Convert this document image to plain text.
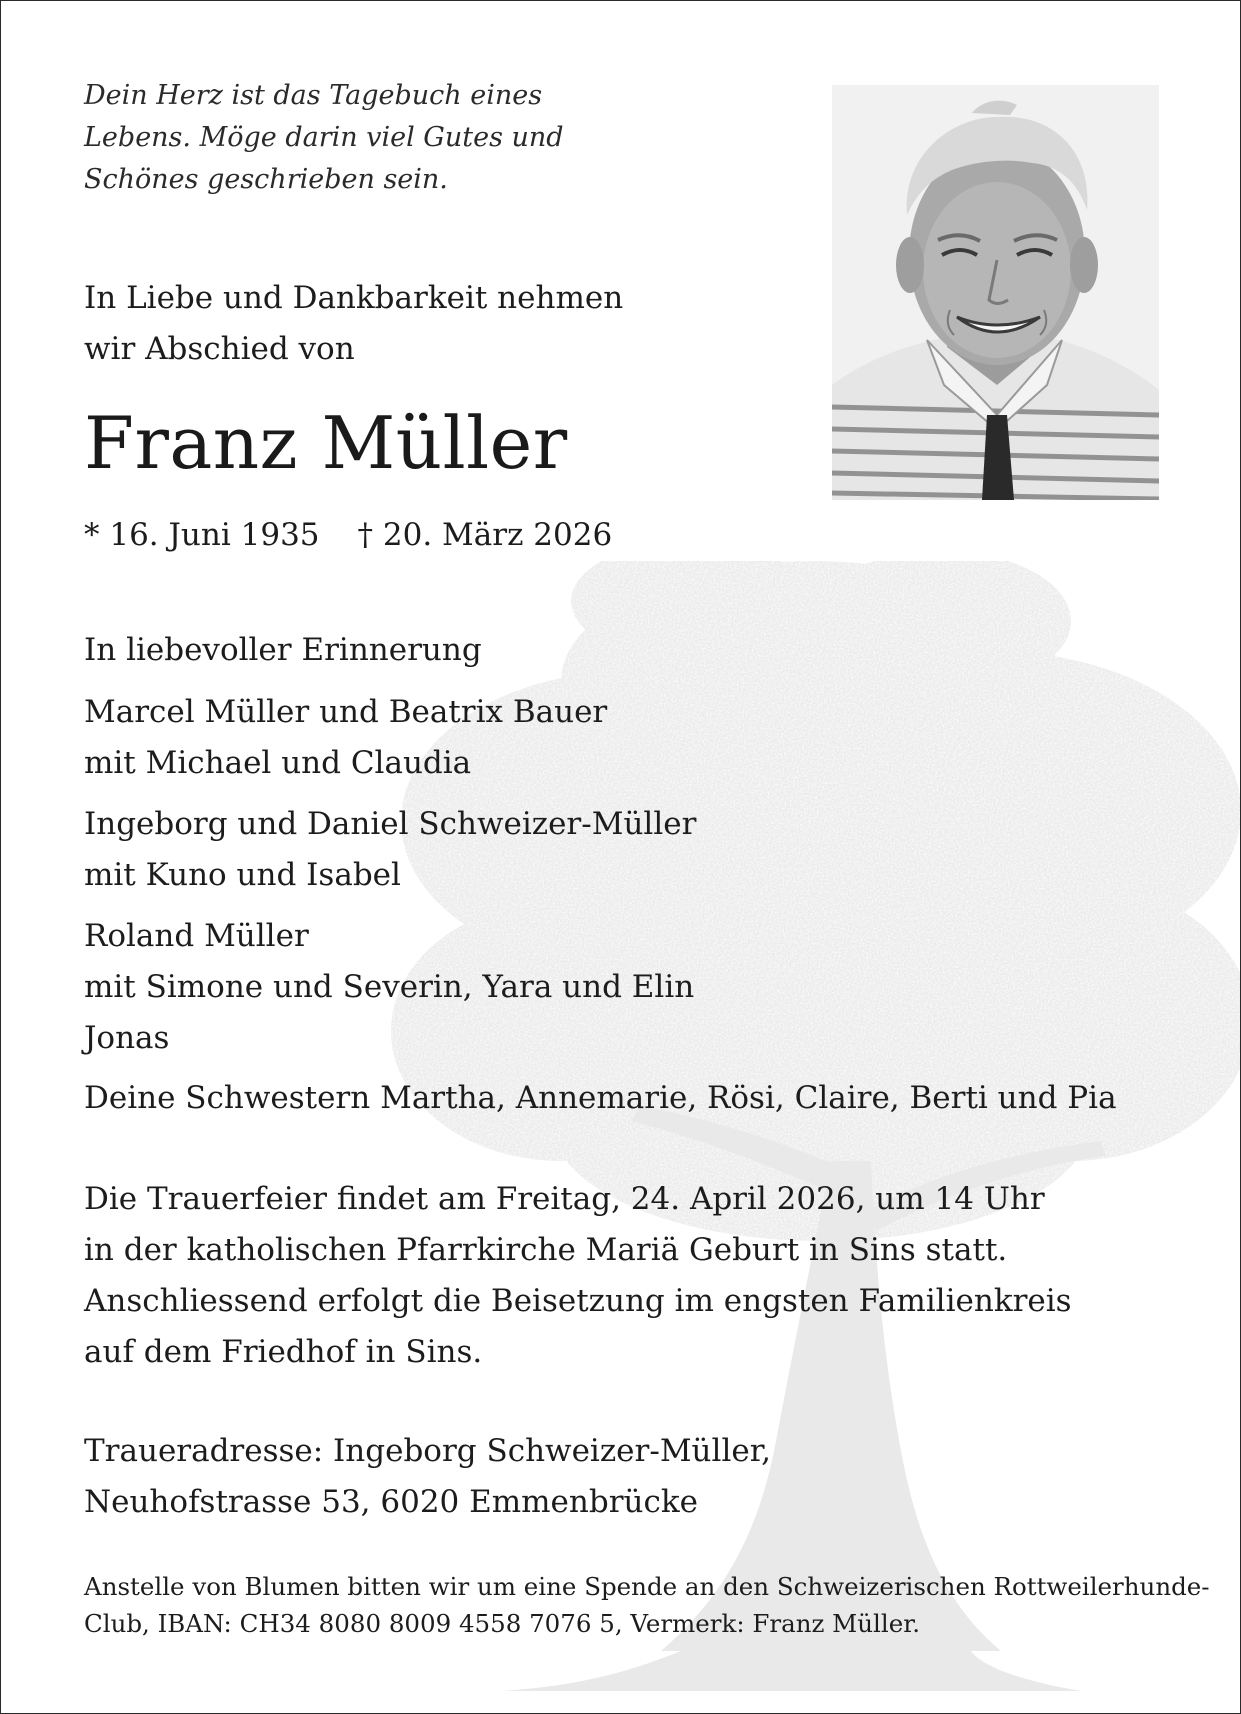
Dein Herz ist das Tagebuch eines
Lebens. Möge darin viel Gutes und
Schönes geschrieben sein.
In Liebe und Dankbarkeit nehmen
wir Abschied von
Franz Müller
* 16. Juni 1935 † 20. März 2026
In liebevoller Erinnerung
Marcel Müller und Beatrix Bauer
mit Michael und Claudia
Ingeborg und Daniel Schweizer-Müller
mit Kuno und Isabel
Roland Müller
mit Simone und Severin, Yara und Elin
Jonas
Deine Schwestern Martha, Annemarie, Rösi, Claire, Berti und Pia
Die Trauerfeier findet am Freitag, 24. April 2026, um 14 Uhr
in der katholischen Pfarrkirche Mariä Geburt in Sins statt.
Anschliessend erfolgt die Beisetzung im engsten Familienkreis
auf dem Friedhof in Sins.
Traueradresse: Ingeborg Schweizer-Müller,
Neuhofstrasse 53, 6020 Emmenbrücke
Anstelle von Blumen bitten wir um eine Spende an den Schweizerischen Rottweilerhunde-
Club, IBAN: CH34 8080 8009 4558 7076 5, Vermerk: Franz Müller.
